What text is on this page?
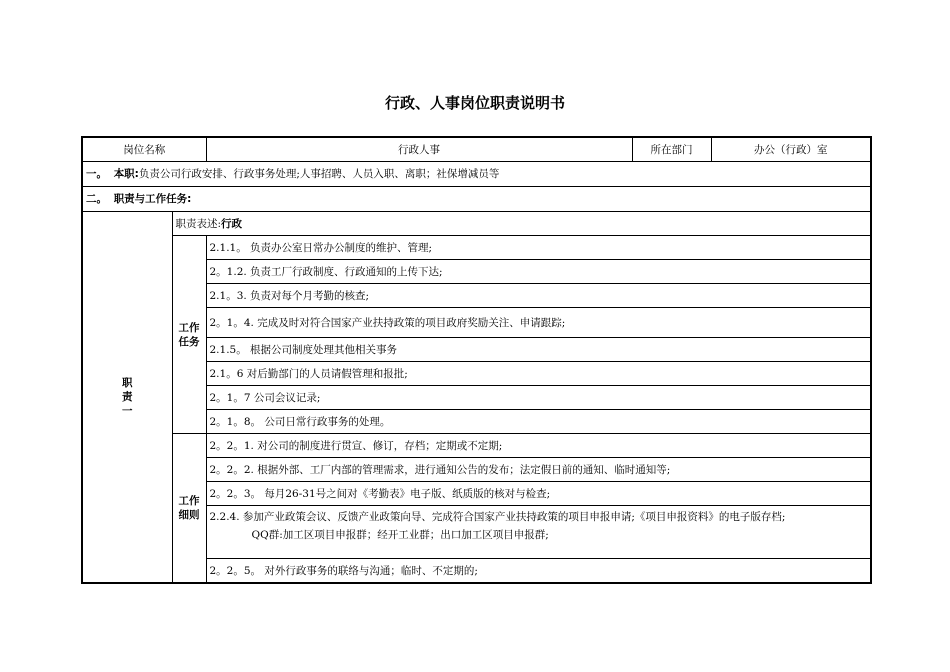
行政、人事岗位职责说明书
岗位名称		行政人事	所在部门	办公（行政）室
一。 本职:负责公司行政安排、行政事务处理;人事招聘、人员入职、离职；社保增减员等				
二。 职责与工作任务:				

职责一	职责表述:行政			

	工作任务	2.1.1。 负责办公室日常办公制度的维护、管理;		
		2。1.2. 负责工厂行政制度、行政通知的上传下达;		
		2.1。3. 负责对每个月考勤的核查;		
		2。1。4. 完成及时对符合国家产业扶持政策的项目政府奖励关注、申请跟踪;		
		2.1.5。 根据公司制度处理其他相关事务		
		2.1。6 对后勤部门的人员请假管理和报批;		
		2。1。7 公司会议记录;		
		2。1。8。 公司日常行政事务的处理。		

	工作细则	2。2。1. 对公司的制度进行贯宣、修订，存档；定期或不定期;		
		2。2。2. 根据外部、工厂内部的管理需求，进行通知公告的发布；法定假日前的通知、临时通知等;		
		2。2。3。 每月26-31号之间对《考勤表》电子版、纸质版的核对与检查;		
		2.2.4. 参加产业政策会议、反馈产业政策向导、完成符合国家产业扶持政策的项目申报申请;《项目申报资料》的电子版存档;
QQ群:加工区项目申报群；经开工业群；出口加工区项目申报群;		

		2。2。5。 对外行政事务的联络与沟通；临时、不定期的;		
